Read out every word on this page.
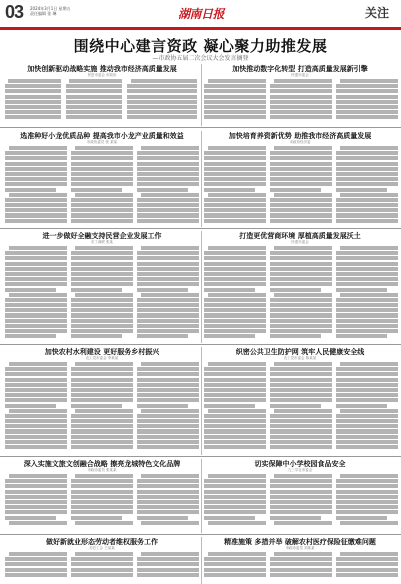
03 2024年3月1日 星期五
责任编辑 张 琳	湖南日报	关注
围绕中心建言资政 凝心聚力助推发展
—市政协五届二次会议大会发言摘登
加快创新驱动战略实施 推动我市经济高质量发展
民进市委会 市政协
加快推动数字化转型 打造高质量发展新引擎
民盟市委会
选准种好小龙优质品种 提高我市小龙产业质量和效益
市政协委员 张 某某
加快培育养资新优势 助推我市经济高质量发展
市政协经济委
进一步做好全融支持民营企业发展工作
市工商联 张某
打造更优营商环境 厚植高质量发展沃土
民建市委会
加快农村水利建设 更好服务乡村振兴
农工党市委会 李某某
织密公共卫生防护网 筑牢人民健康安全线
农工党市委会 陈某某
深入实施文旅文创融合战略 擦亮龙城特色文化品牌
市政协委员 张某某
切实保障中小学校园食品安全
九三学社市委会
做好新就业形态劳动者维权服务工作
市总工会 王某某
精准施策 多措并举 破解农村医疗保险征缴难问题
市政协委员 刘某某
